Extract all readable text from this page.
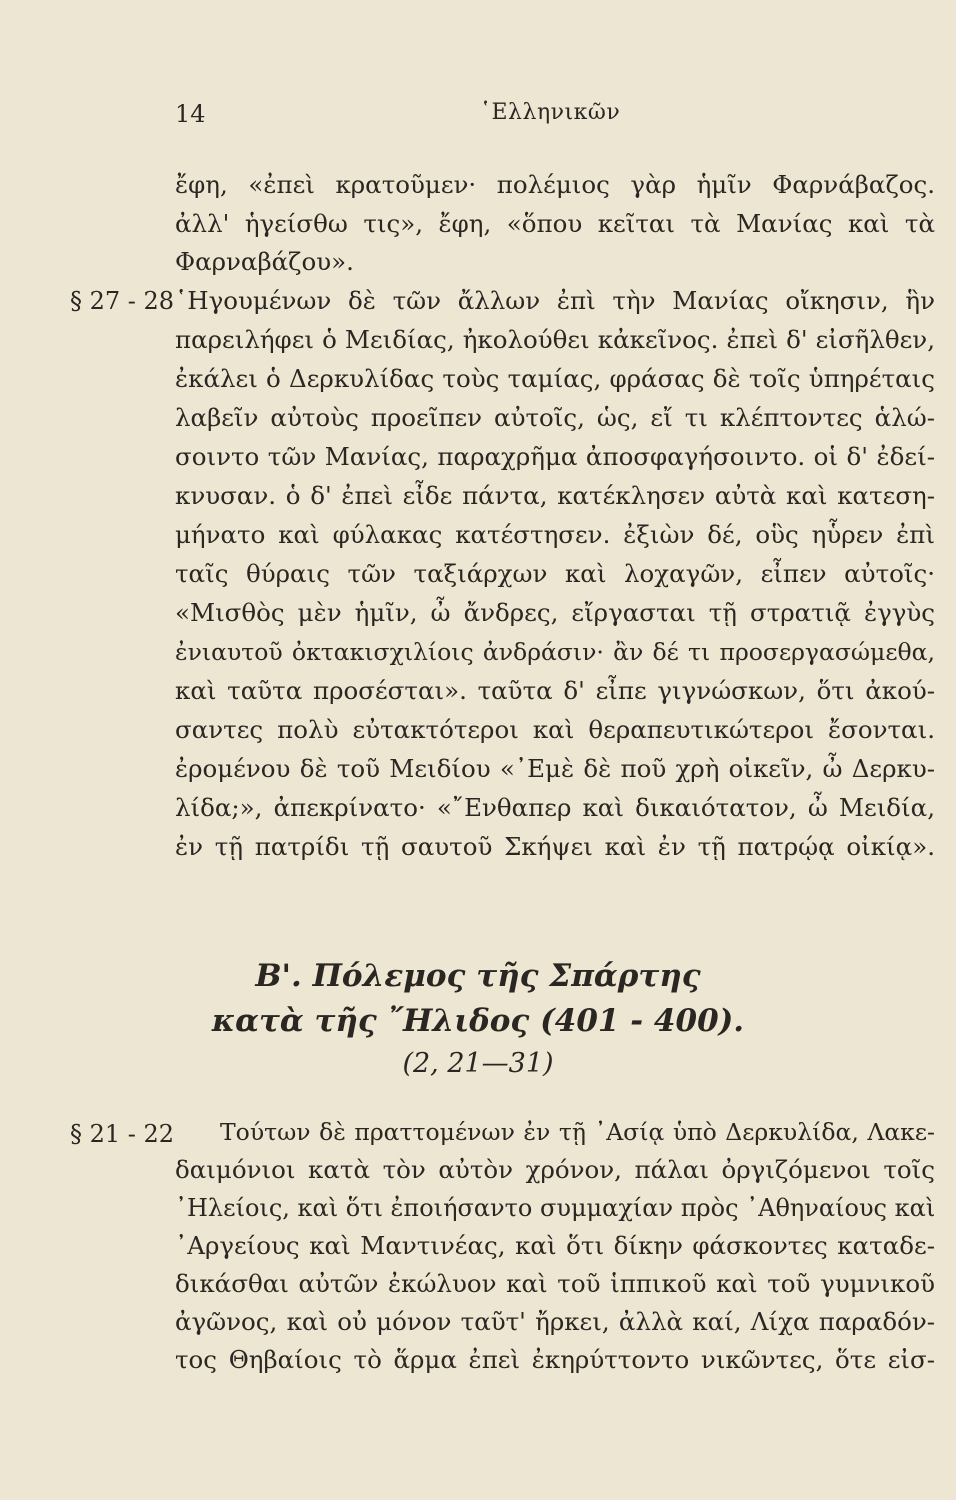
14	῾Ελληνικῶν
ἔφη, «ἐπεὶ κρατοῦμεν· πολέμιος γὰρ ἡμῖν Φαρνάβαζος.
ἀλλ' ἡγείσθω τις», ἔφη, «ὅπου κεῖται τὰ Μανίας καὶ τὰ
Φαρναβάζου».
§ 27 - 28 ῾Ηγουμένων δὲ τῶν ἄλλων ἐπὶ τὴν Μανίας οἴκησιν, ἣν
παρειλήφει ὁ Μειδίας, ἠκολούθει κἀκεῖνος. ἐπεὶ δ' εἰσῆλθεν,
ἐκάλει ὁ Δερκυλίδας τοὺς ταμίας, φράσας δὲ τοῖς ὑπηρέταις
λαβεῖν αὐτοὺς προεῖπεν αὐτοῖς, ὡς, εἴ τι κλέπτοντες ἁλώ-
σοιντο τῶν Μανίας, παραχρῆμα ἀποσφαγήσοιντο. οἱ δ' ἐδεί-
κνυσαν. ὁ δ' ἐπεὶ εἶδε πάντα, κατέκλησεν αὐτὰ καὶ κατεση-
μήνατο καὶ φύλακας κατέστησεν. ἐξιὼν δέ, οὓς ηὗρεν ἐπὶ
ταῖς θύραις τῶν ταξιάρχων καὶ λοχαγῶν, εἶπεν αὐτοῖς·
«Μισθὸς μὲν ἡμῖν, ὦ ἄνδρες, εἴργασται τῇ στρατιᾷ ἐγγὺς
ἐνιαυτοῦ ὀκτακισχιλίοις ἀνδράσιν· ἂν δέ τι προσεργασώμεθα,
καὶ ταῦτα προσέσται». ταῦτα δ' εἶπε γιγνώσκων, ὅτι ἀκού-
σαντες πολὺ εὐτακτότεροι καὶ θεραπευτικώτεροι ἔσονται.
ἐρομένου δὲ τοῦ Μειδίου «᾿Εμὲ δὲ ποῦ χρὴ οἰκεῖν, ὦ Δερκυ-
λίδα;», ἀπεκρίνατο· «῎Ενθαπερ καὶ δικαιότατον, ὦ Μειδία,
ἐν τῇ πατρίδι τῇ σαυτοῦ Σκήψει καὶ ἐν τῇ πατρῴᾳ οἰκίᾳ».
Β'. Πόλεμος τῆς Σπάρτης
κατὰ τῆς ῎Ηλιδος (401 - 400).
(2, 21—31)
§ 21 - 22 Τούτων δὲ πραττομένων ἐν τῇ ᾿Ασίᾳ ὑπὸ Δερκυλίδα, Λακε-
δαιμόνιοι κατὰ τὸν αὐτὸν χρόνον, πάλαι ὀργιζόμενοι τοῖς
᾿Ηλείοις, καὶ ὅτι ἐποιήσαντο συμμαχίαν πρὸς ᾿Αθηναίους καὶ
᾿Αργείους καὶ Μαντινέας, καὶ ὅτι δίκην φάσκοντες καταδε-
δικάσθαι αὐτῶν ἐκώλυον καὶ τοῦ ἱππικοῦ καὶ τοῦ γυμνικοῦ
ἀγῶνος, καὶ οὐ μόνον ταῦτ' ἤρκει, ἀλλὰ καί, Λίχα παραδόν-
τος Θηβαίοις τὸ ἅρμα ἐπεὶ ἐκηρύττοντο νικῶντες, ὅτε εἰσ-
